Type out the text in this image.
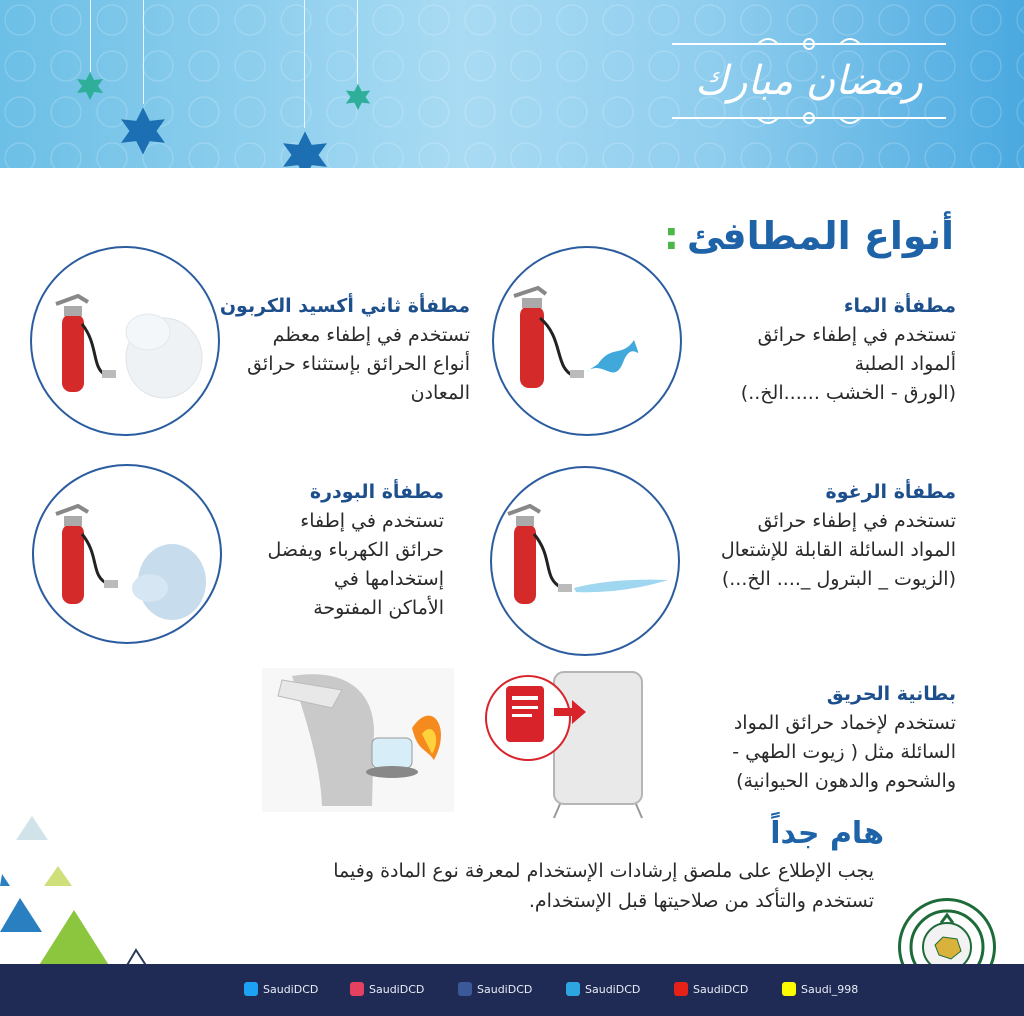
رمضان مبارك
أنواع المطافئ
:
مطفأة الماء
تستخدم في إطفاء حرائق
ألمواد الصلبة
(الورق - الخشب ......الخ..)
مطفأة ثاني أكسيد الكربون
تستخدم في إطفاء معظم
أنواع الحرائق بإستثناء حرائق
المعادن
مطفأة الرغوة
تستخدم في إطفاء حرائق
المواد السائلة القابلة للإشتعال
(الزيوت _ البترول _.... الخ...)
مطفأة البودرة
تستخدم في إطفاء
حرائق الكهرباء ويفضل
إستخدامها في
الأماكن المفتوحة
بطانية الحريق
تستخدم لإخماد حرائق المواد
السائلة مثل ( زيوت الطهي -
والشحوم والدهون الحيوانية)
هام جداً
يجب الإطلاع على ملصق إرشادات الإستخدام لمعرفة نوع المادة وفيما
تستخدم والتأكد من صلاحيتها قبل الإستخدام.
SaudiDCD	SaudiDCD	SaudiDCD	SaudiDCD	SaudiDCD	Saudi_998
